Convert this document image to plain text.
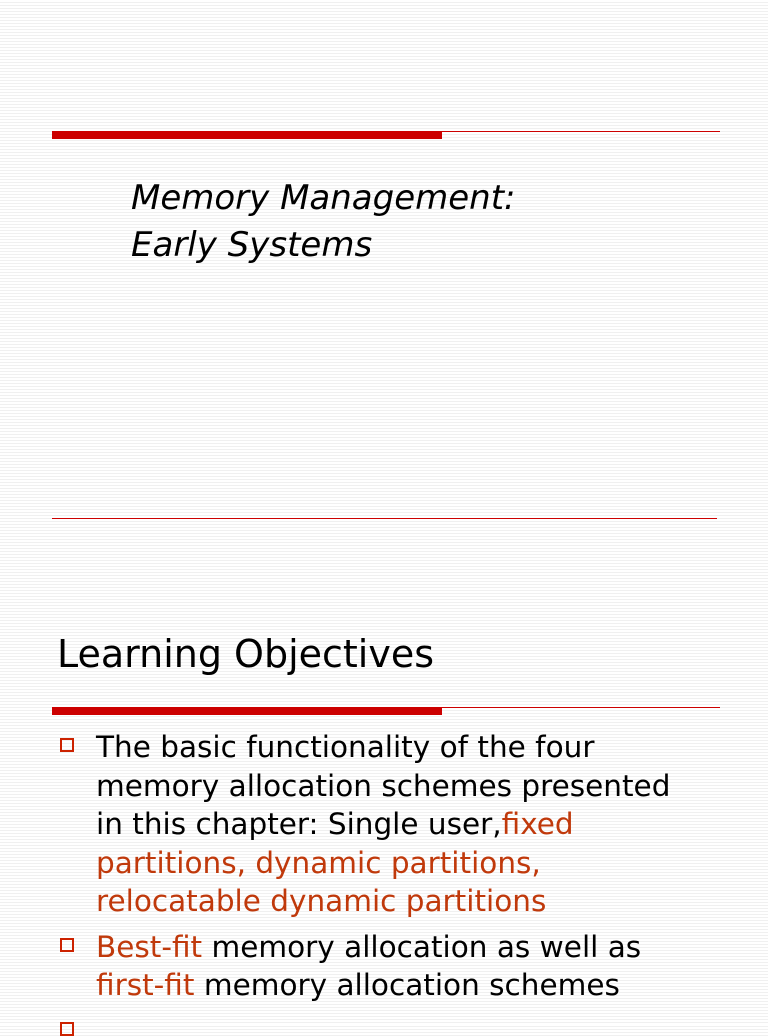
Memory Management:
Early Systems
Learning Objectives
The basic functionality of the four
memory allocation schemes presented
in this chapter: Single user,fixed
partitions, dynamic partitions,
relocatable dynamic partitions
Best-fit memory allocation as well as
first-fit memory allocation schemes
